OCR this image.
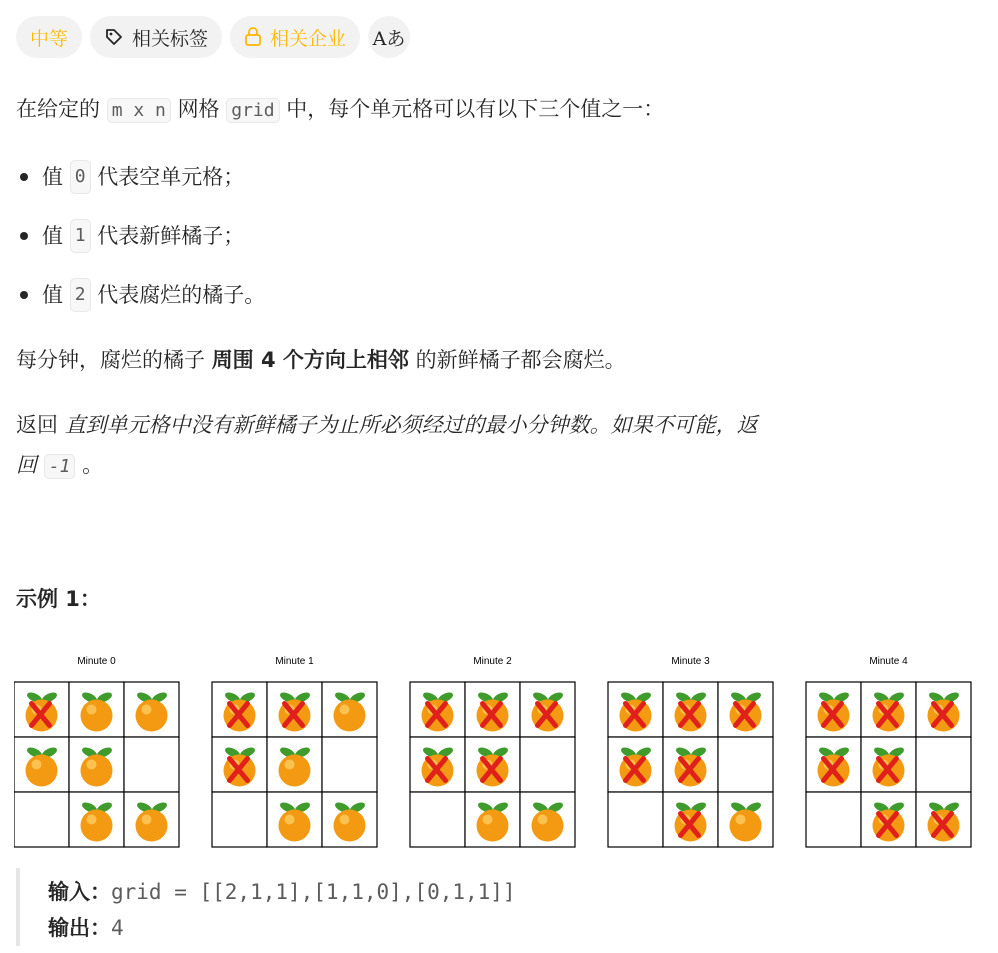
中等	相关标签	相关企业 Aあ
在给定的 m x n 网格 grid 中，每个单元格可以有以下三个值之一：
值
0
代表空单元格；
值
1
代表新鲜橘子；
值
2
代表腐烂的橘子。
每分钟，腐烂的橘子 周围 4 个方向上相邻 的新鲜橘子都会腐烂。
返回 直到单元格中没有新鲜橘子为止所必须经过的最小分钟数。如果不可能，返
回 -1 。
示例 1：
Minute 0	Minute 1	Minute 2	Minute 3	Minute 4
输入：grid = [[2,1,1],[1,1,0],[0,1,1]]
输出：4
